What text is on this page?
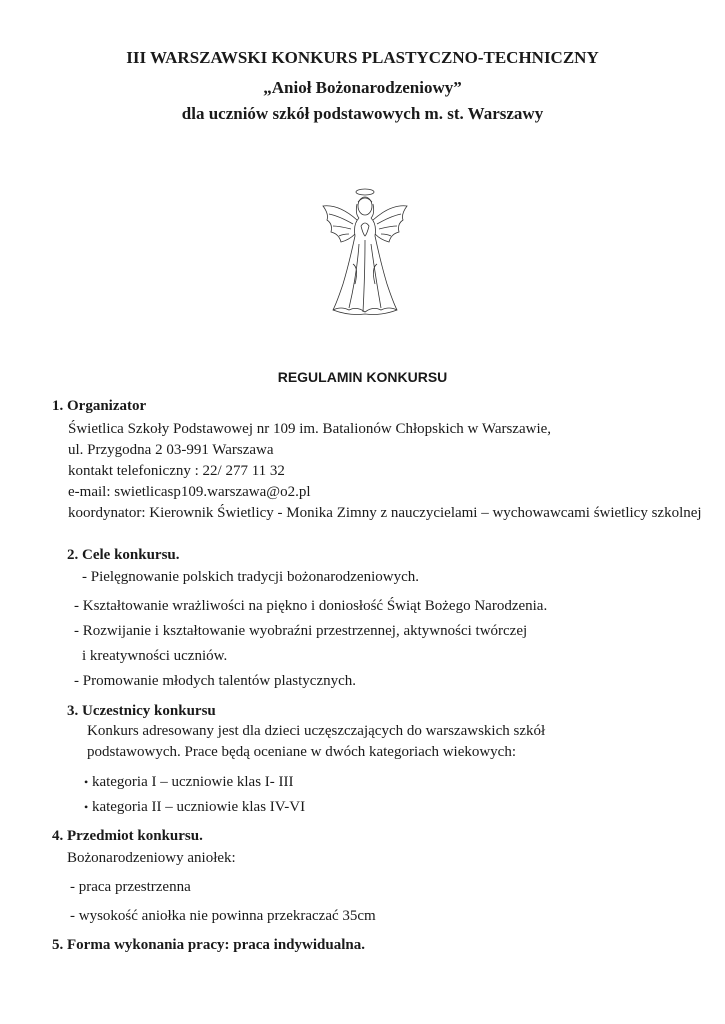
III WARSZAWSKI KONKURS PLASTYCZNO-TECHNICZNY
„Anioł Bożonarodzeniowy”
dla uczniów szkół podstawowych m. st. Warszawy
REGULAMIN KONKURSU
1. Organizator
Świetlica Szkoły Podstawowej nr 109 im. Batalionów Chłopskich w Warszawie,
ul. Przygodna 2 03-991 Warszawa
kontakt telefoniczny : 22/ 277 11 32
e-mail: swietlicasp109.warszawa@o2.pl
koordynator: Kierownik Świetlicy - Monika Zimny z nauczycielami – wychowawcami świetlicy szkolnej
2. Cele konkursu.
- Pielęgnowanie polskich tradycji bożonarodzeniowych.
- Kształtowanie wrażliwości na piękno i doniosłość Świąt Bożego Narodzenia.
- Rozwijanie i kształtowanie wyobraźni przestrzennej, aktywności twórczej
i kreatywności uczniów.
- Promowanie młodych talentów plastycznych.
3. Uczestnicy konkursu
Konkurs adresowany jest dla dzieci uczęszczających do warszawskich szkół
podstawowych. Prace będą oceniane w dwóch kategoriach wiekowych:
• kategoria I – uczniowie klas I- III
• kategoria II – uczniowie klas IV-VI
4. Przedmiot konkursu.
Bożonarodzeniowy aniołek:
- praca przestrzenna
- wysokość aniołka nie powinna przekraczać 35cm
5. Forma wykonania pracy: praca indywidualna.
